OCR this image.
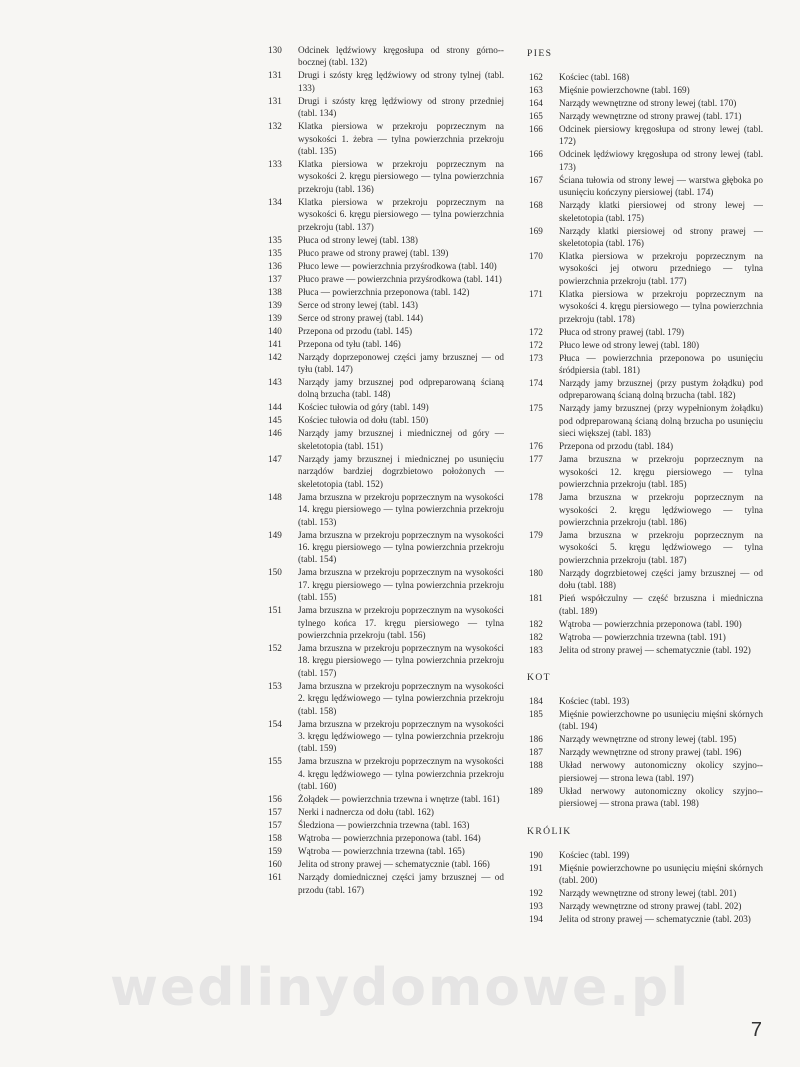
130	Odcinek lędźwiowy kręgosłupa od strony górno--bocznej (tabl. 132)
131	Drugi i szósty kręg lędźwiowy od strony tylnej (tabl. 133)
131	Drugi i szósty kręg lędźwiowy od strony przedniej (tabl. 134)
132	Klatka piersiowa w przekroju poprzecznym na wysokości 1. żebra — tylna powierzchnia przekroju (tabl. 135)
133	Klatka piersiowa w przekroju poprzecznym na wysokości 2. kręgu piersiowego — tylna powierzchnia przekroju (tabl. 136)
134	Klatka piersiowa w przekroju poprzecznym na wysokości 6. kręgu piersiowego — tylna powierzchnia przekroju (tabl. 137)
135	Płuca od strony lewej (tabl. 138)
135	Płuco prawe od strony prawej (tabl. 139)
136	Płuco lewe — powierzchnia przyśrodkowa (tabl. 140)
137	Płuco prawe — powierzchnia przyśrodkowa (tabl. 141)
138	Płuca — powierzchnia przeponowa (tabl. 142)
139	Serce od strony lewej (tabl. 143)
139	Serce od strony prawej (tabl. 144)
140	Przepona od przodu (tabl. 145)
141	Przepona od tyłu (tabl. 146)
142	Narządy doprzeponowej części jamy brzusznej — od tyłu (tabl. 147)
143	Narządy jamy brzusznej pod odpreparowaną ścianą dolną brzucha (tabl. 148)
144	Kościec tułowia od góry (tabl. 149)
145	Kościec tułowia od dołu (tabl. 150)
146	Narządy jamy brzusznej i miednicznej od góry — skeletotopia (tabl. 151)
147	Narządy jamy brzusznej i miednicznej po usunięciu narządów bardziej dogrzbietowo położonych — skeletotopia (tabl. 152)
148	Jama brzuszna w przekroju poprzecznym na wysokości 14. kręgu piersiowego — tylna powierzchnia przekroju (tabl. 153)
149	Jama brzuszna w przekroju poprzecznym na wysokości 16. kręgu piersiowego — tylna powierzchnia przekroju (tabl. 154)
150	Jama brzuszna w przekroju poprzecznym na wysokości 17. kręgu piersiowego — tylna powierzchnia przekroju (tabl. 155)
151	Jama brzuszna w przekroju poprzecznym na wysokości tylnego końca 17. kręgu piersiowego — tylna powierzchnia przekroju (tabl. 156)
152	Jama brzuszna w przekroju poprzecznym na wysokości 18. kręgu piersiowego — tylna powierzchnia przekroju (tabl. 157)
153	Jama brzuszna w przekroju poprzecznym na wysokości 2. kręgu lędźwiowego — tylna powierzchnia przekroju (tabl. 158)
154	Jama brzuszna w przekroju poprzecznym na wysokości 3. kręgu lędźwiowego — tylna powierzchnia przekroju (tabl. 159)
155	Jama brzuszna w przekroju poprzecznym na wysokości 4. kręgu lędźwiowego — tylna powierzchnia przekroju (tabl. 160)
156	Żołądek — powierzchnia trzewna i wnętrze (tabl. 161)
157	Nerki i nadnercza od dołu (tabl. 162)
157	Śledziona — powierzchnia trzewna (tabl. 163)
158	Wątroba — powierzchnia przeponowa (tabl. 164)
159	Wątroba — powierzchnia trzewna (tabl. 165)
160	Jelita od strony prawej — schematycznie (tabl. 166)
161	Narządy domiednicznej części jamy brzusznej — od przodu (tabl. 167)
PIES
162	Kościec (tabl. 168)
163	Mięśnie powierzchowne (tabl. 169)
164	Narządy wewnętrzne od strony lewej (tabl. 170)
165	Narządy wewnętrzne od strony prawej (tabl. 171)
166	Odcinek piersiowy kręgosłupa od strony lewej (tabl. 172)
166	Odcinek lędźwiowy kręgosłupa od strony lewej (tabl. 173)
167	Ściana tułowia od strony lewej — warstwa głęboka po usunięciu kończyny piersiowej (tabl. 174)
168	Narządy klatki piersiowej od strony lewej — skeletotopia (tabl. 175)
169	Narządy klatki piersiowej od strony prawej — skeletotopia (tabl. 176)
170	Klatka piersiowa w przekroju poprzecznym na wysokości jej otworu przedniego — tylna powierzchnia przekroju (tabl. 177)
171	Klatka piersiowa w przekroju poprzecznym na wysokości 4. kręgu piersiowego — tylna powierzchnia przekroju (tabl. 178)
172	Płuca od strony prawej (tabl. 179)
172	Płuco lewe od strony lewej (tabl. 180)
173	Płuca — powierzchnia przeponowa po usunięciu śródpiersia (tabl. 181)
174	Narządy jamy brzusznej (przy pustym żołądku) pod odpreparowaną ścianą dolną brzucha (tabl. 182)
175	Narządy jamy brzusznej (przy wypełnionym żołądku) pod odpreparowaną ścianą dolną brzucha po usunięciu sieci większej (tabl. 183)
176	Przepona od przodu (tabl. 184)
177	Jama brzuszna w przekroju poprzecznym na wysokości 12. kręgu piersiowego — tylna powierzchnia przekroju (tabl. 185)
178	Jama brzuszna w przekroju poprzecznym na wysokości 2. kręgu lędźwiowego — tylna powierzchnia przekroju (tabl. 186)
179	Jama brzuszna w przekroju poprzecznym na wysokości 5. kręgu lędźwiowego — tylna powierzchnia przekroju (tabl. 187)
180	Narządy dogrzbietowej części jamy brzusznej — od dołu (tabl. 188)
181	Pień współczulny — część brzuszna i miedniczna (tabl. 189)
182	Wątroba — powierzchnia przeponowa (tabl. 190)
182	Wątroba — powierzchnia trzewna (tabl. 191)
183	Jelita od strony prawej — schematycznie (tabl. 192)
KOT
184	Kościec (tabl. 193)
185	Mięśnie powierzchowne po usunięciu mięśni skórnych (tabl. 194)
186	Narządy wewnętrzne od strony lewej (tabl. 195)
187	Narządy wewnętrzne od strony prawej (tabl. 196)
188	Układ nerwowy autonomiczny okolicy szyjno--piersiowej — strona lewa (tabl. 197)
189	Układ nerwowy autonomiczny okolicy szyjno--piersiowej — strona prawa (tabl. 198)
KRÓLIK
190	Kościec (tabl. 199)
191	Mięśnie powierzchowne po usunięciu mięśni skórnych (tabl. 200)
192	Narządy wewnętrzne od strony lewej (tabl. 201)
193	Narządy wewnętrzne od strony prawej (tabl. 202)
194	Jelita od strony prawej — schematycznie (tabl. 203)
7
wedlinydomowe.pl
